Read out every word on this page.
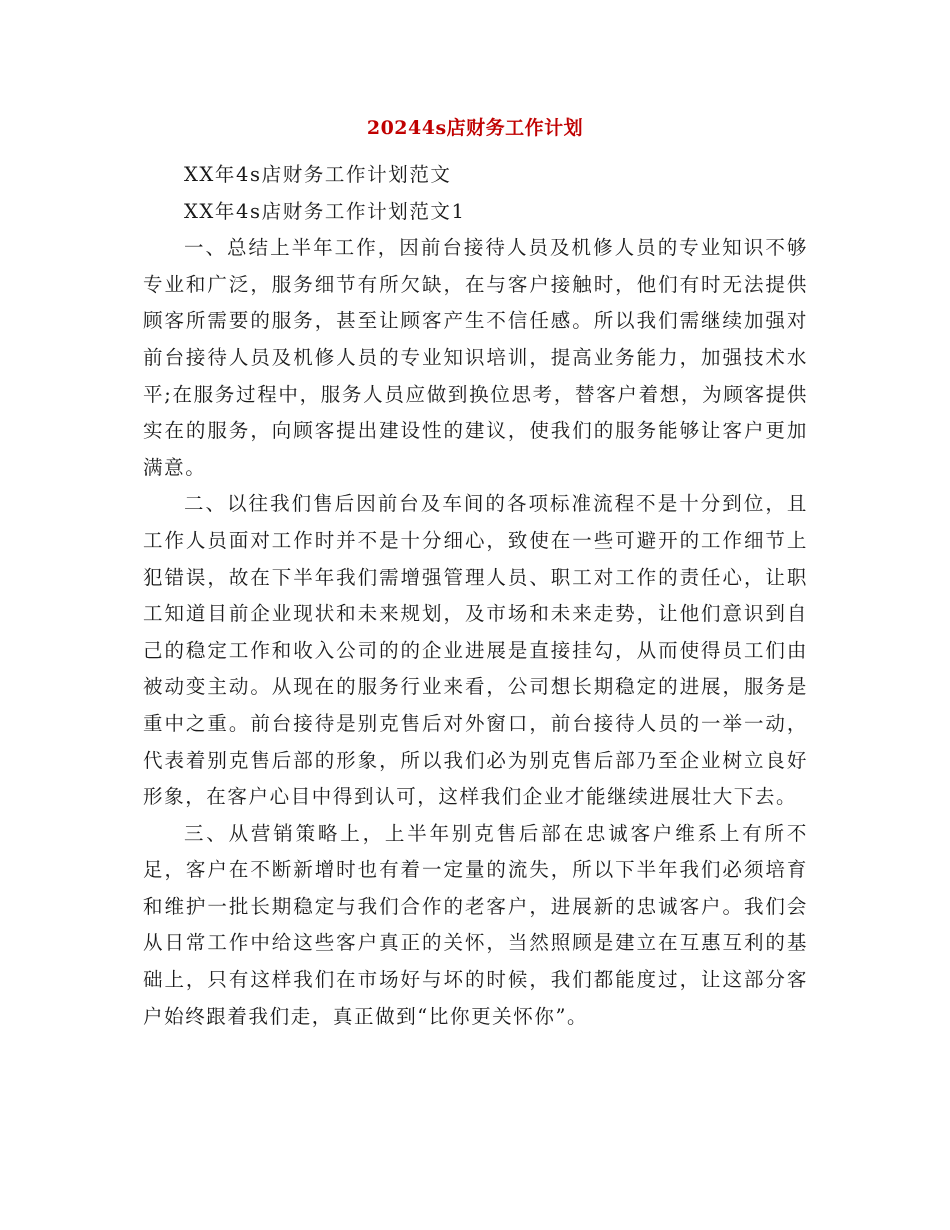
20244s店财务工作计划

XX年4s店财务工作计划范文

XX年4s店财务工作计划范文1

一、总结上半年工作，因前台接待人员及机修人员的专业知识不够专业和广泛，服务细节有所欠缺，在与客户接触时，他们有时无法提供顾客所需要的服务，甚至让顾客产生不信任感。所以我们需继续加强对前台接待人员及机修人员的专业知识培训，提高业务能力，加强技术水 平;在服务过程中，服务人员应做到换位思考，替客户着想，为顾客提供实在的服务，向顾客提出建设性的建议，使我们的服务能够让客户更加满意。

二、以往我们售后因前台及车间的各项标准流程不是十分到位，且工作人员面对工作时并不是十分细心，致使在一些可避开的工作细节上犯错误，故在下半年我们需增强管理人员、职工对工作的责任心，让职工知道目前企业现状和未来规划，及市场和未来走势，让他们意识到自己的稳定工作和收入公司的的企业进展是直接挂勾，从而使得员工们由被动变主动。从现在的服务行业来看，公司想长期稳定的进展，服务是重中之重。前台接待是别克售后对外窗口，前台接待人员的一举一动，代表着别克售后部的形象，所以我们必为别克售后部乃至企业树立良好形象，在客户心目中得到认可，这样我们企业才能继续进展壮大下去。

三、从营销策略上，上半年别克售后部在忠诚客户维系上有所不足，客户在不断新增时也有着一定量的流失，所以下半年我们必须培育和维护一批长期稳定与我们合作的老客户，进展新的忠诚客户。我们会从日常工作中给这些客户真正的关怀，当然照顾是建立在互惠互利的基础上，只有这样我们在市场好与坏的时候，我们都能度过，让这部分客户始终跟着我们走，真正做到“比你更关怀你”。
